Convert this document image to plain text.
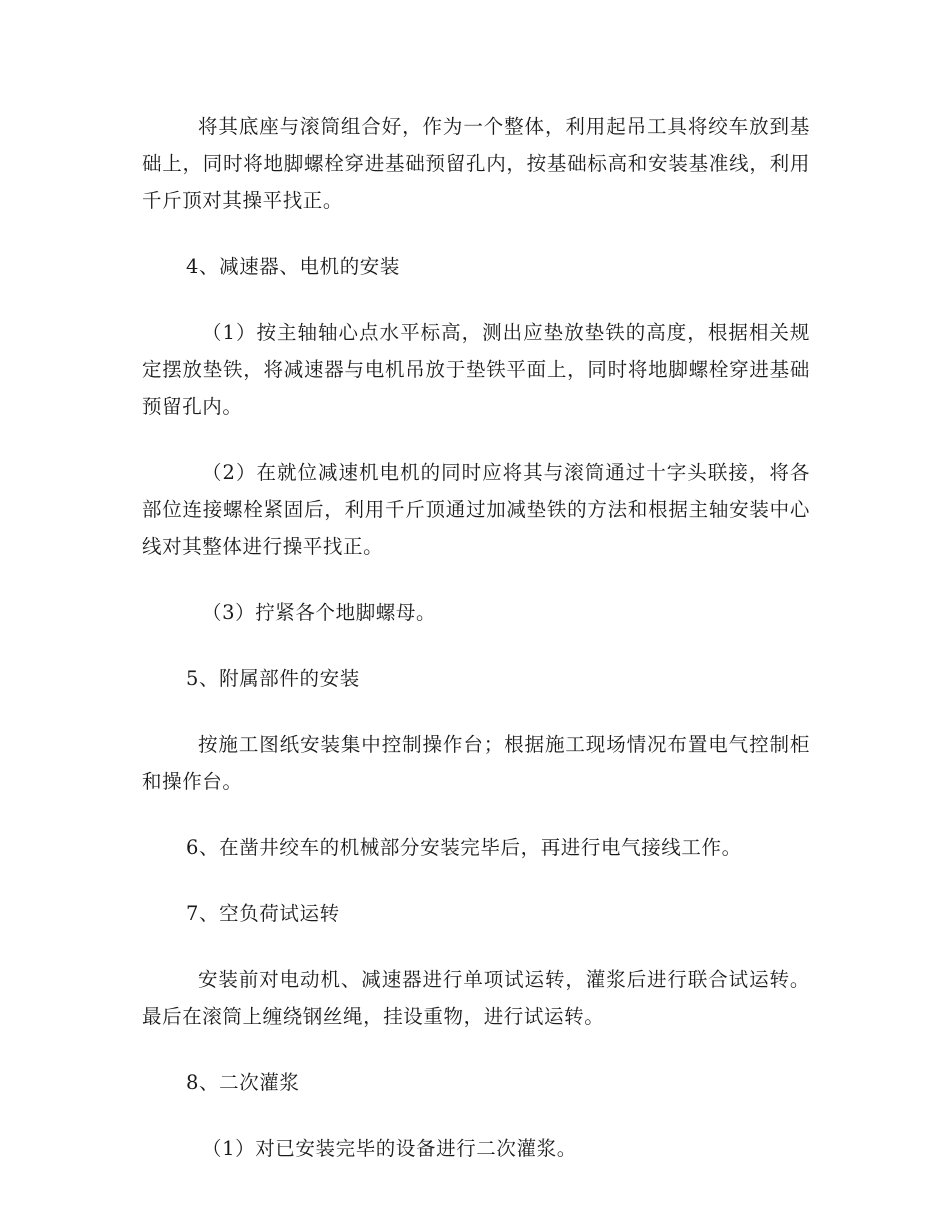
将其底座与滚筒组合好，作为一个整体，利用起吊工具将绞车放到基础上，同时将地脚螺栓穿进基础预留孔内，按基础标高和安装基准线，利用千斤顶对其操平找正。

4、减速器、电机的安装

（1）按主轴轴心点水平标高，测出应垫放垫铁的高度，根据相关规定摆放垫铁，将减速器与电机吊放于垫铁平面上，同时将地脚螺栓穿进基础预留孔内。

（2）在就位减速机电机的同时应将其与滚筒通过十字头联接，将各部位连接螺栓紧固后，利用千斤顶通过加减垫铁的方法和根据主轴安装中心线对其整体进行操平找正。

（3）拧紧各个地脚螺母。

5、附属部件的安装

按施工图纸安装集中控制操作台；根据施工现场情况布置电气控制柜和操作台。

6、在凿井绞车的机械部分安装完毕后，再进行电气接线工作。

7、空负荷试运转

安装前对电动机、减速器进行单项试运转，灌浆后进行联合试运转。最后在滚筒上缠绕钢丝绳，挂设重物，进行试运转。

8、二次灌浆

（1）对已安装完毕的设备进行二次灌浆。
